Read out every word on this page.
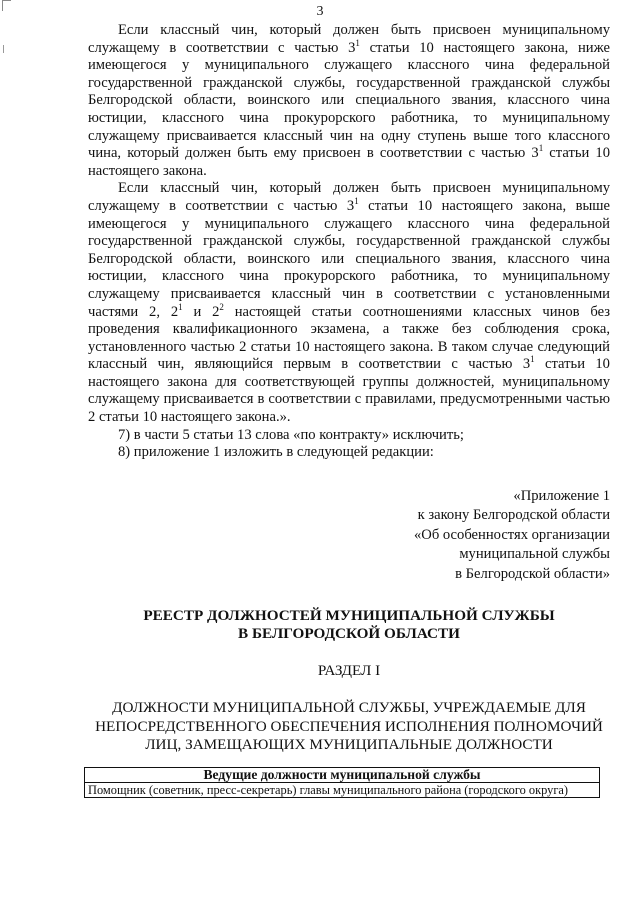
3

Если классный чин, который должен быть присвоен муниципальному служащему в соответствии с частью $3^1$ статьи 10 настоящего закона, ниже имеющегося у муниципального служащего классного чина федеральной государственной гражданской службы, государственной гражданской службы Белгородской области, воинского или специального звания, классного чина юстиции, классного чина прокурорского работника, то муниципальному служащему присваивается классный чин на одну ступень выше того классного чина, который должен быть ему присвоен в соответствии с частью $3^1$ статьи 10 настоящего закона.

Если классный чин, который должен быть присвоен муниципальному служащему в соответствии с частью $3^1$ статьи 10 настоящего закона, выше имеющегося у муниципального служащего классного чина федеральной государственной гражданской службы, государственной гражданской службы Белгородской области, воинского или специального звания, классного чина юстиции, классного чина прокурорского работника, то муниципальному служащему присваивается классный чин в соответствии с установленными частями 2, $2^1$ и $2^2$ настоящей статьи соотношениями классных чинов без проведения квалификационного экзамена, а также без соблюдения срока, установленного частью 2 статьи 10 настоящего закона. В таком случае следующий классный чин, являющийся первым в соответствии с частью $3^1$ статьи 10 настоящего закона для соответствующей группы должностей, муниципальному служащему присваивается в соответствии с правилами, предусмотренными частью 2 статьи 10 настоящего закона.».

7) в части 5 статьи 13 слова «по контракту» исключить;

8) приложение 1 изложить в следующей редакции:

«Приложение 1
к закону Белгородской области
«Об особенностях организации
муниципальной службы
в Белгородской области»
РЕЕСТР ДОЛЖНОСТЕЙ МУНИЦИПАЛЬНОЙ СЛУЖБЫ
В БЕЛГОРОДСКОЙ ОБЛАСТИ
РАЗДЕЛ I
ДОЛЖНОСТИ МУНИЦИПАЛЬНОЙ СЛУЖБЫ, УЧРЕЖДАЕМЫЕ ДЛЯ
НЕПОСРЕДСТВЕННОГО ОБЕСПЕЧЕНИЯ ИСПОЛНЕНИЯ ПОЛНОМОЧИЙ
ЛИЦ, ЗАМЕЩАЮЩИХ МУНИЦИПАЛЬНЫЕ ДОЛЖНОСТИ
Ведущие должности муниципальной службы
Помощник (советник, пресс-секретарь) главы муниципального района (городского округа)
